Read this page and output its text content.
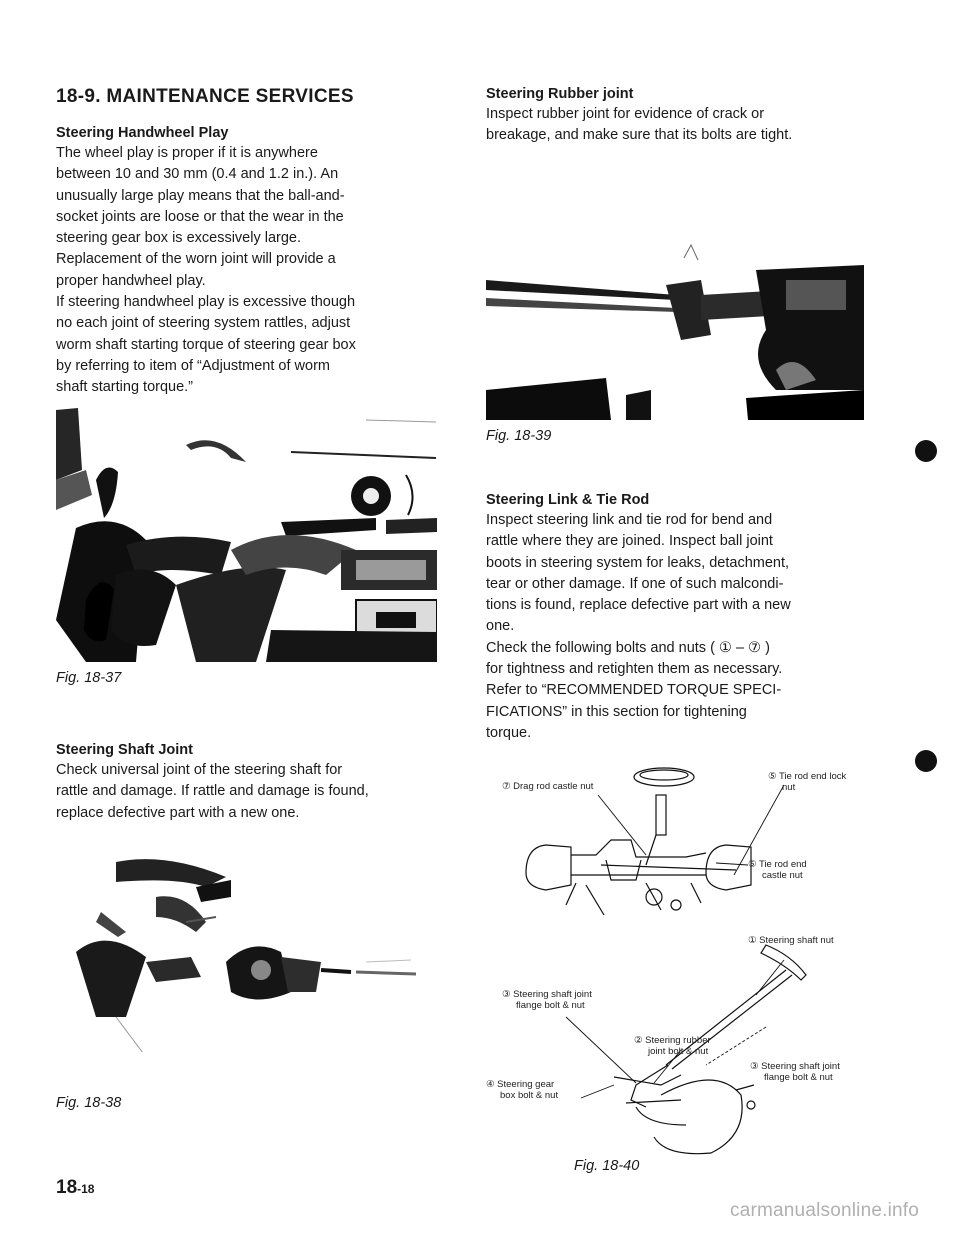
18-9. MAINTENANCE SERVICES
Steering Handwheel Play
The wheel play is proper if it is anywhere
between 10 and 30 mm (0.4 and 1.2 in.). An
unusually large play means that the ball-and-
socket joints are loose or that the wear in the
steering gear box is excessively large.
Replacement of the worn joint will provide a
proper handwheel play.
If steering handwheel play is excessive though
no each joint of steering system rattles, adjust
worm shaft starting torque of steering gear box
by referring to item of “Adjustment of worm
shaft starting torque.”
Fig. 18-37
Steering Shaft Joint
Check universal joint of the steering shaft for
rattle and damage. If rattle and damage is found,
replace defective part with a new one.
Fig. 18-38
18-18
Steering Rubber joint
Inspect rubber joint for evidence of crack or
breakage, and make sure that its bolts are tight.
Fig. 18-39
Steering Link & Tie Rod
Inspect steering link and tie rod for bend and
rattle where they are joined. Inspect ball joint
boots in steering system for leaks, detachment,
tear or other damage. If one of such malcondi-
tions is found, replace defective part with a new
one.
Check the following bolts and nuts ( ① – ⑦ )
for tightness and retighten them as necessary.
Refer to “RECOMMENDED TORQUE SPECI-
FICATIONS” in this section for tightening
torque.
⑦ Drag rod castle nut
⑤ Tie rod end lock
nut
⑥ Tie rod end
castle nut
① Steering shaft nut
③ Steering shaft joint
flange bolt & nut
② Steering rubber
joint bolt & nut
③ Steering shaft joint
flange bolt & nut
④ Steering gear
box bolt & nut
Fig. 18-40
carmanualsonline.info
